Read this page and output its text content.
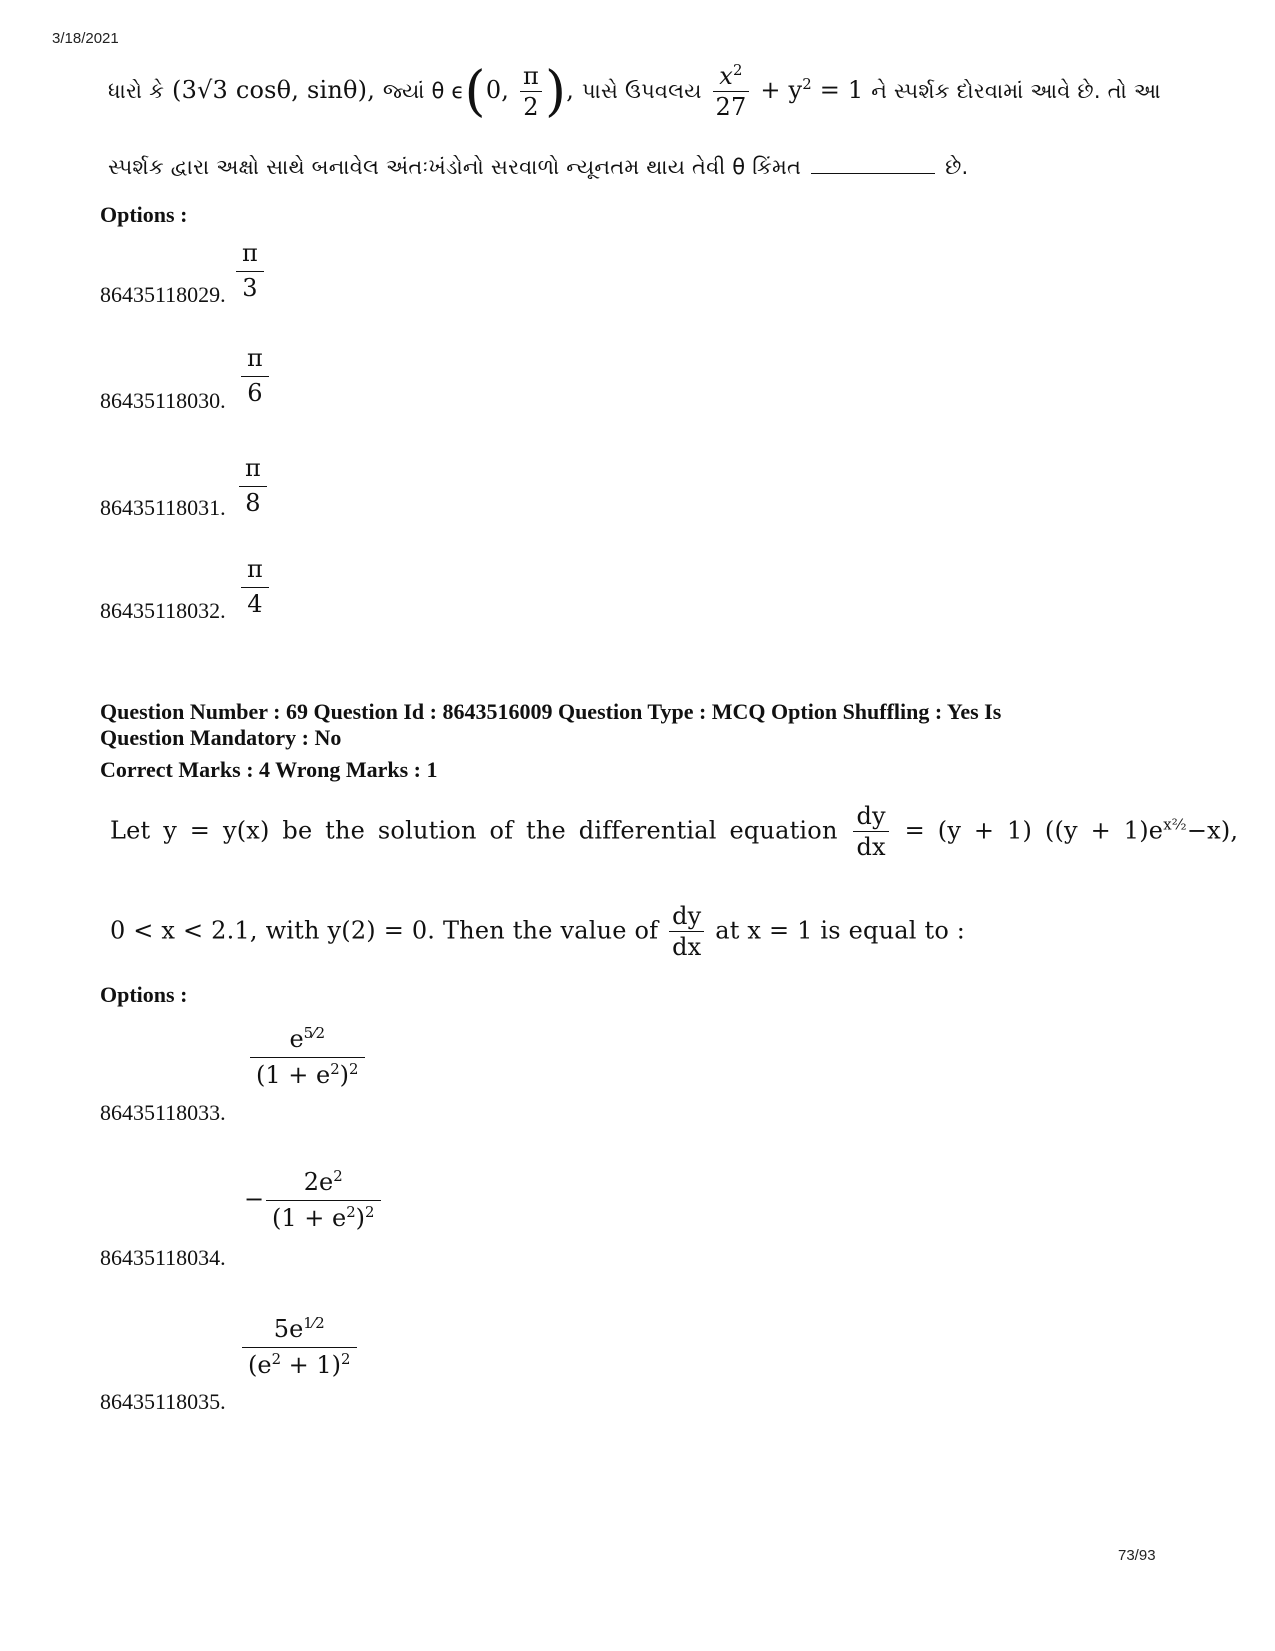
3/18/2021
ધારો કે (3√3 cosθ, sinθ), જ્યાં θ ϵ(0, $\frac{\pi}{2}$ ), પાસે ઉપવલય $\frac{x^2}{27} + y^2 = 1$ ને સ્પર્શક દોરવામાં આવે છે. તો આ
સ્પર્શક દ્વારા અક્ષો સાથે બનાવેલ અંતઃખંડોનો સરવાળો ન્યૂનતમ થાય તેવી θ કિંમત	છે.
Options :
86435118029. $\frac{\pi}{3}$
86435118030. $\frac{\pi}{6}$
86435118031. $\frac{\pi}{8}$
86435118032. $\frac{\pi}{4}$
Question Number : 69 Question Id : 8643516009 Question Type : MCQ Option Shuffling : Yes Is
Question Mandatory : No
Correct Marks : 4 Wrong Marks : 1
Let y = y(x) be the solution of the differential equation $\frac{dy}{dx} = (y + 1) ((y + 1)e^{x^2⁄_2}-x)$,
0 < x < 2.1, with y(2) = 0. Then the value of $\frac{dy}{dx}$ at x = 1 is equal to :
Options :
86435118033.
$\frac{e^{5⁄2}}{(1 + e^2)^2}$
86435118034.
− $\frac{2e^2}{(1 + e^2)^2}$
86435118035.
$\frac{5e^{1⁄2}}{(e^2 + 1)^2}$
73/93
